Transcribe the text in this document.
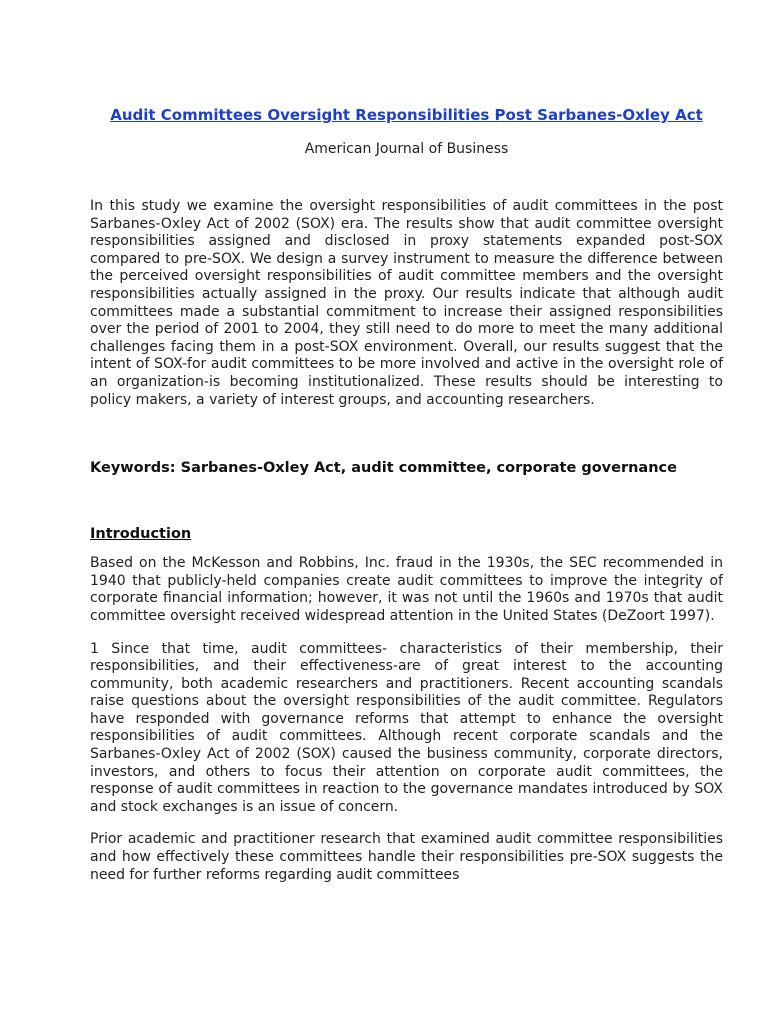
Audit Committees Oversight Responsibilities Post Sarbanes-Oxley Act

American Journal of Business

In this study we examine the oversight responsibilities of audit committees in the post Sarbanes-Oxley Act of 2002 (SOX) era. The results show that audit committee oversight responsibilities assigned and disclosed in proxy statements expanded post-SOX compared to pre-SOX. We design a survey instrument to measure the difference between the perceived oversight responsibilities of audit committee members and the oversight responsibilities actually assigned in the proxy. Our results indicate that although audit committees made a substantial commitment to increase their assigned responsibilities over the period of 2001 to 2004, they still need to do more to meet the many additional challenges facing them in a post-SOX environment. Overall, our results suggest that the intent of SOX-for audit committees to be more involved and active in the oversight role of an organization-is becoming institutionalized. These results should be interesting to policy makers, a variety of interest groups, and accounting researchers.

Keywords: Sarbanes-Oxley Act, audit committee, corporate governance

Introduction

Based on the McKesson and Robbins, Inc. fraud in the 1930s, the SEC recommended in 1940 that publicly-held companies create audit committees to improve the integrity of corporate financial information; however, it was not until the 1960s and 1970s that audit committee oversight received widespread attention in the United States (DeZoort 1997).

1 Since that time, audit committees- characteristics of their membership, their responsibilities, and their effectiveness-are of great interest to the accounting community, both academic researchers and practitioners. Recent accounting scandals raise questions about the oversight responsibilities of the audit committee. Regulators have responded with governance reforms that attempt to enhance the oversight responsibilities of audit committees. Although recent corporate scandals and the Sarbanes-Oxley Act of 2002 (SOX) caused the business community, corporate directors, investors, and others to focus their attention on corporate audit committees, the response of audit committees in reaction to the governance mandates introduced by SOX and stock exchanges is an issue of concern.

Prior academic and practitioner research that examined audit committee responsibilities and how effectively these committees handle their responsibilities pre-SOX suggests the need for further reforms regarding audit committees
